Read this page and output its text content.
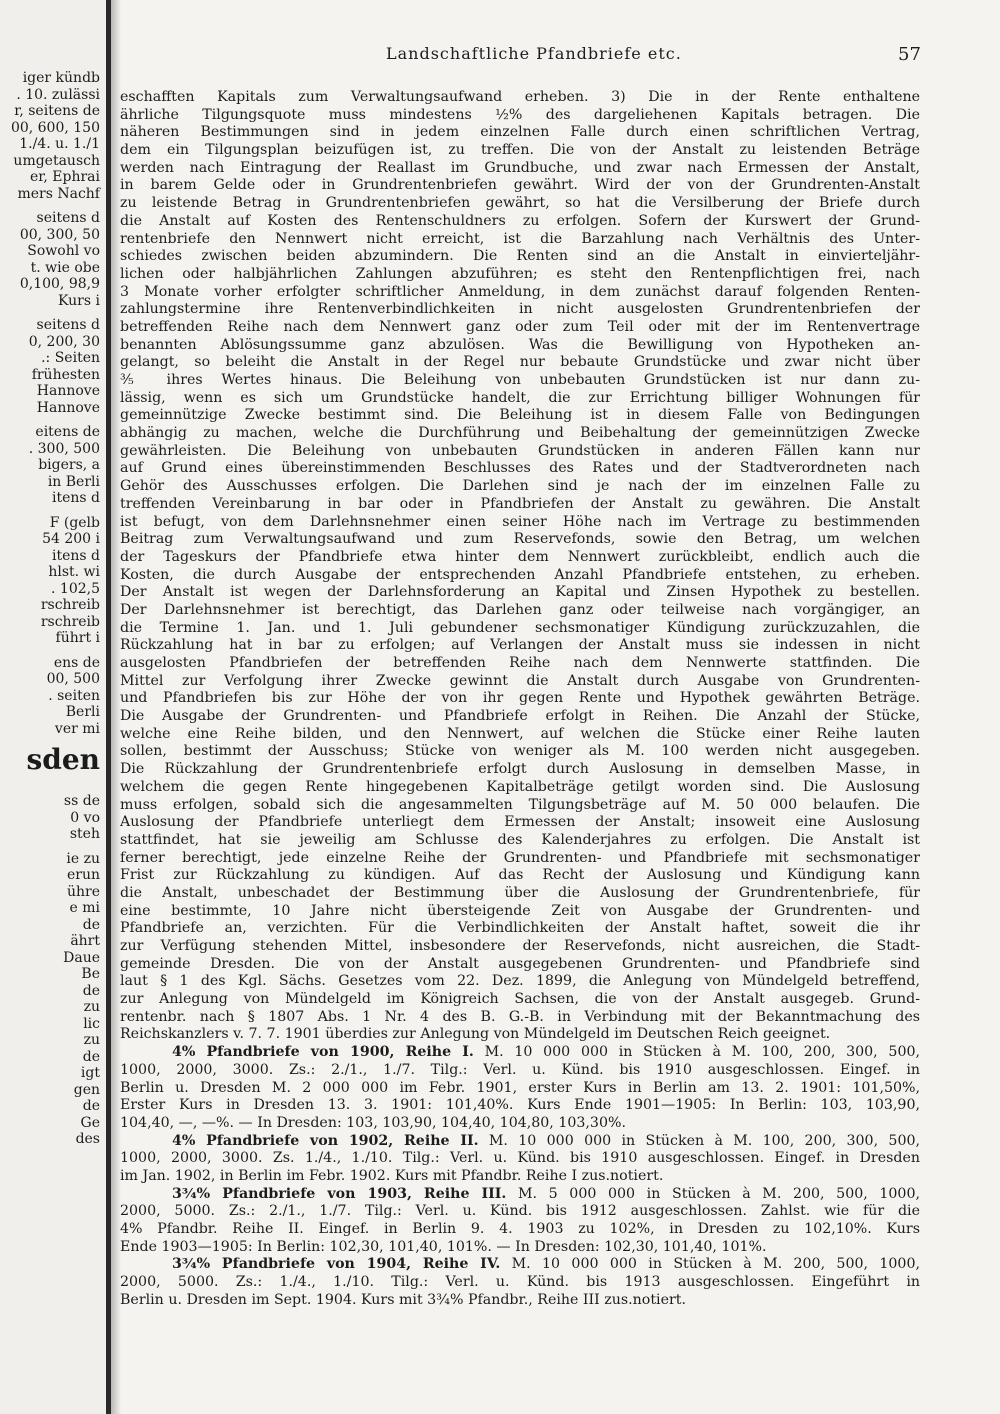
iger kündb
. 10. zulässi
r, seitens de
00, 600, 150
1./4. u. 1./1
umgetausch
er, Ephrai
mers Nachf
seitens d
00, 300, 50
Sowohl vo
t. wie obe
0,100, 98,9
Kurs i
seitens d
0, 200, 30
.: Seiten
frühesten
Hannove
Hannove
eitens de
. 300, 500
bigers, a
in Berli
itens d
F (gelb
54 200 i
itens d
hlst. wi
. 102,5
rschreib
rschreib
führt i
ens de
00, 500
. seiten
Berli
ver mi
sden
ss de
0 vo
steh
ie zu
erun
ühre
e mi
de
ährt
Daue
Be
de
zu
lic
zu
de
igt
gen
de
Ge
des
Landschaftliche Pfandbriefe etc.	57
eschafften Kapitals zum Verwaltungsaufwand erheben. 3) Die in der Rente enthaltene
ährliche Tilgungsquote muss mindestens ½% des dargeliehenen Kapitals betragen. Die
näheren Bestimmungen sind in jedem einzelnen Falle durch einen schriftlichen Vertrag,
dem ein Tilgungsplan beizufügen ist, zu treffen. Die von der Anstalt zu leistenden Beträge
werden nach Eintragung der Reallast im Grundbuche, und zwar nach Ermessen der Anstalt,
in barem Gelde oder in Grundrentenbriefen gewährt. Wird der von der Grundrenten-Anstalt
zu leistende Betrag in Grundrentenbriefen gewährt, so hat die Versilberung der Briefe durch
die Anstalt auf Kosten des Rentenschuldners zu erfolgen. Sofern der Kurswert der Grund-
rentenbriefe den Nennwert nicht erreicht, ist die Barzahlung nach Verhältnis des Unter-
schiedes zwischen beiden abzumindern. Die Renten sind an die Anstalt in einvierteljähr-
lichen oder halbjährlichen Zahlungen abzuführen; es steht den Rentenpflichtigen frei, nach
3 Monate vorher erfolgter schriftlicher Anmeldung, in dem zunächst darauf folgenden Renten-
zahlungstermine ihre Rentenverbindlichkeiten in nicht ausgelosten Grundrentenbriefen der
betreffenden Reihe nach dem Nennwert ganz oder zum Teil oder mit der im Rentenvertrage
benannten Ablösungssumme ganz abzulösen. Was die Bewilligung von Hypotheken an-
gelangt, so beleiht die Anstalt in der Regel nur bebaute Grundstücke und zwar nicht über
⅗ ihres Wertes hinaus. Die Beleihung von unbebauten Grundstücken ist nur dann zu-
lässig, wenn es sich um Grundstücke handelt, die zur Errichtung billiger Wohnungen für
gemeinnützige Zwecke bestimmt sind. Die Beleihung ist in diesem Falle von Bedingungen
abhängig zu machen, welche die Durchführung und Beibehaltung der gemeinnützigen Zwecke
gewährleisten. Die Beleihung von unbebauten Grundstücken in anderen Fällen kann nur
auf Grund eines übereinstimmenden Beschlusses des Rates und der Stadtverordneten nach
Gehör des Ausschusses erfolgen. Die Darlehen sind je nach der im einzelnen Falle zu
treffenden Vereinbarung in bar oder in Pfandbriefen der Anstalt zu gewähren. Die Anstalt
ist befugt, von dem Darlehnsnehmer einen seiner Höhe nach im Vertrage zu bestimmenden
Beitrag zum Verwaltungsaufwand und zum Reservefonds, sowie den Betrag, um welchen
der Tageskurs der Pfandbriefe etwa hinter dem Nennwert zurückbleibt, endlich auch die
Kosten, die durch Ausgabe der entsprechenden Anzahl Pfandbriefe entstehen, zu erheben.
Der Anstalt ist wegen der Darlehnsforderung an Kapital und Zinsen Hypothek zu bestellen.
Der Darlehnsnehmer ist berechtigt, das Darlehen ganz oder teilweise nach vorgängiger, an
die Termine 1. Jan. und 1. Juli gebundener sechsmonatiger Kündigung zurückzuzahlen, die
Rückzahlung hat in bar zu erfolgen; auf Verlangen der Anstalt muss sie indessen in nicht
ausgelosten Pfandbriefen der betreffenden Reihe nach dem Nennwerte stattfinden. Die
Mittel zur Verfolgung ihrer Zwecke gewinnt die Anstalt durch Ausgabe von Grundrenten-
und Pfandbriefen bis zur Höhe der von ihr gegen Rente und Hypothek gewährten Beträge.
Die Ausgabe der Grundrenten- und Pfandbriefe erfolgt in Reihen. Die Anzahl der Stücke,
welche eine Reihe bilden, und den Nennwert, auf welchen die Stücke einer Reihe lauten
sollen, bestimmt der Ausschuss; Stücke von weniger als M. 100 werden nicht ausgegeben.
Die Rückzahlung der Grundrentenbriefe erfolgt durch Auslosung in demselben Masse, in
welchem die gegen Rente hingegebenen Kapitalbeträge getilgt worden sind. Die Auslosung
muss erfolgen, sobald sich die angesammelten Tilgungsbeträge auf M. 50 000 belaufen. Die
Auslosung der Pfandbriefe unterliegt dem Ermessen der Anstalt; insoweit eine Auslosung
stattfindet, hat sie jeweilig am Schlusse des Kalenderjahres zu erfolgen. Die Anstalt ist
ferner berechtigt, jede einzelne Reihe der Grundrenten- und Pfandbriefe mit sechsmonatiger
Frist zur Rückzahlung zu kündigen. Auf das Recht der Auslosung und Kündigung kann
die Anstalt, unbeschadet der Bestimmung über die Auslosung der Grundrentenbriefe, für
eine bestimmte, 10 Jahre nicht übersteigende Zeit von Ausgabe der Grundrenten- und
Pfandbriefe an, verzichten. Für die Verbindlichkeiten der Anstalt haftet, soweit die ihr
zur Verfügung stehenden Mittel, insbesondere der Reservefonds, nicht ausreichen, die Stadt-
gemeinde Dresden. Die von der Anstalt ausgegebenen Grundrenten- und Pfandbriefe sind
laut § 1 des Kgl. Sächs. Gesetzes vom 22. Dez. 1899, die Anlegung von Mündelgeld betreffend,
zur Anlegung von Mündelgeld im Königreich Sachsen, die von der Anstalt ausgegeb. Grund-
rentenbr. nach § 1807 Abs. 1 Nr. 4 des B. G.-B. in Verbindung mit der Bekanntmachung des
Reichskanzlers v. 7. 7. 1901 überdies zur Anlegung von Mündelgeld im Deutschen Reich geeignet.
4% Pfandbriefe von 1900, Reihe I. M. 10 000 000 in Stücken à M. 100, 200, 300, 500,
1000, 2000, 3000. Zs.: 2./1., 1./7. Tilg.: Verl. u. Künd. bis 1910 ausgeschlossen. Eingef. in
Berlin u. Dresden M. 2 000 000 im Febr. 1901, erster Kurs in Berlin am 13. 2. 1901: 101,50%,
Erster Kurs in Dresden 13. 3. 1901: 101,40%. Kurs Ende 1901—1905: In Berlin: 103, 103,90,
104,40, —, —%. — In Dresden: 103, 103,90, 104,40, 104,80, 103,30%.
4% Pfandbriefe von 1902, Reihe II. M. 10 000 000 in Stücken à M. 100, 200, 300, 500,
1000, 2000, 3000. Zs. 1./4., 1./10. Tilg.: Verl. u. Künd. bis 1910 ausgeschlossen. Eingef. in Dresden
im Jan. 1902, in Berlin im Febr. 1902. Kurs mit Pfandbr. Reihe I zus.notiert.
3¾% Pfandbriefe von 1903, Reihe III. M. 5 000 000 in Stücken à M. 200, 500, 1000,
2000, 5000. Zs.: 2./1., 1./7. Tilg.: Verl. u. Künd. bis 1912 ausgeschlossen. Zahlst. wie für die
4% Pfandbr. Reihe II. Eingef. in Berlin 9. 4. 1903 zu 102%, in Dresden zu 102,10%. Kurs
Ende 1903—1905: In Berlin: 102,30, 101,40, 101%. — In Dresden: 102,30, 101,40, 101%.
3¾% Pfandbriefe von 1904, Reihe IV. M. 10 000 000 in Stücken à M. 200, 500, 1000,
2000, 5000. Zs.: 1./4., 1./10. Tilg.: Verl. u. Künd. bis 1913 ausgeschlossen. Eingeführt in
Berlin u. Dresden im Sept. 1904. Kurs mit 3¾% Pfandbr., Reihe III zus.notiert.
